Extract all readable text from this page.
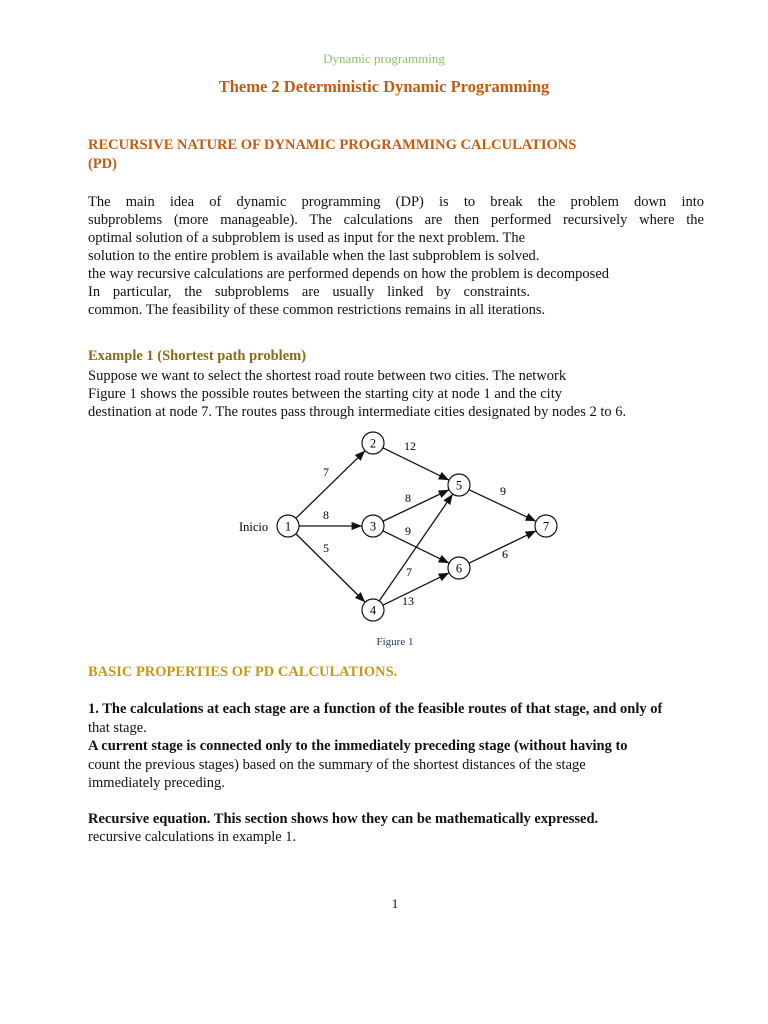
Dynamic programming
Theme 2 Deterministic Dynamic Programming
RECURSIVE NATURE OF DYNAMIC PROGRAMMING CALCULATIONS
(PD)
The main idea of dynamic programming (DP) is to break the problem down into
subproblems (more manageable). The calculations are then performed recursively where the
optimal solution of a subproblem is used as input for the next problem. The
solution to the entire problem is available when the last subproblem is solved.
the way recursive calculations are performed depends on how the problem is decomposed
In particular, the subproblems are usually linked by constraints.
common. The feasibility of these common restrictions remains in all iterations.
Example 1 (Shortest path problem)
Suppose we want to select the shortest road route between two cities. The network
Figure 1 shows the possible routes between the starting city at node 1 and the city
destination at node 7. The routes pass through intermediate cities designated by nodes 2 to 6.
7
8
5
12
8
9
7
13
9
6
1
2
3
4
5
6
7
Inicio
Figure 1
BASIC PROPERTIES OF PD CALCULATIONS.
1. The calculations at each stage are a function of the feasible routes of that stage, and only of
that stage.
A current stage is connected only to the immediately preceding stage (without having to
count the previous stages) based on the summary of the shortest distances of the stage
immediately preceding.
Recursive equation. This section shows how they can be mathematically expressed.
recursive calculations in example 1.
1
